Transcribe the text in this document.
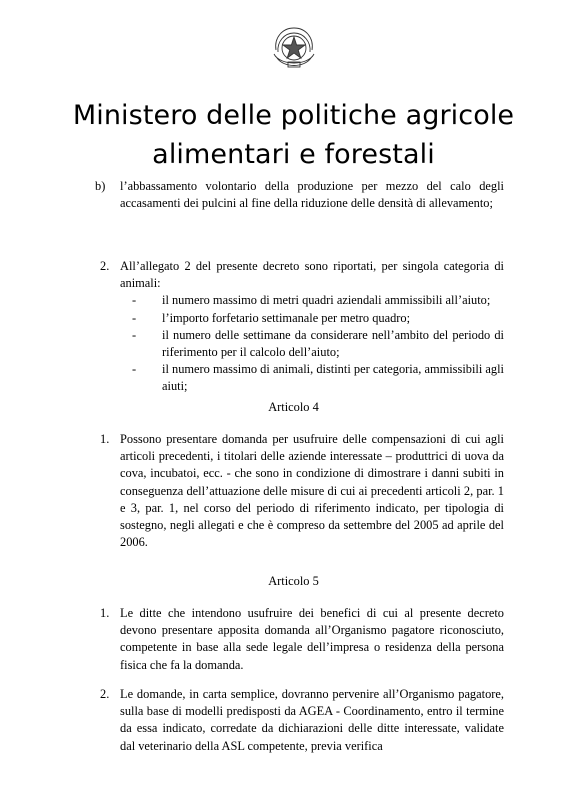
Ministero delle politiche agricole
alimentari e forestali
b) l’abbassamento volontario della produzione per mezzo del calo degli accasamenti dei pulcini al fine della riduzione delle densità di allevamento;
2. All’allegato 2 del presente decreto sono riportati, per singola categoria di animali:
- il numero massimo di metri quadri aziendali ammissibili all’aiuto;
- l’importo forfetario settimanale per metro quadro;
- il numero delle settimane da considerare nell’ambito del periodo di riferimento per il calcolo dell’aiuto;
- il numero massimo di animali, distinti per categoria, ammissibili agli aiuti;
Articolo 4
1. Possono presentare domanda per usufruire delle compensazioni di cui agli articoli precedenti, i titolari delle aziende interessate – produttrici di uova da cova, incubatoi, ecc. - che sono in condizione di dimostrare i danni subiti in conseguenza dell’attuazione delle misure di cui ai precedenti articoli 2, par. 1 e 3, par. 1, nel corso del periodo di riferimento indicato, per tipologia di sostegno, negli allegati e che è compreso da settembre del 2005 ad aprile del 2006.
Articolo 5
1. Le ditte che intendono usufruire dei benefici di cui al presente decreto devono presentare apposita domanda all’Organismo pagatore riconosciuto, competente in base alla sede legale dell’impresa o residenza della persona fisica che fa la domanda.
2. Le domande, in carta semplice, dovranno pervenire all’Organismo pagatore, sulla base di modelli predisposti da AGEA - Coordinamento, entro il termine da essa indicato, corredate da dichiarazioni delle ditte interessate, validate dal veterinario della ASL competente, previa verifica
